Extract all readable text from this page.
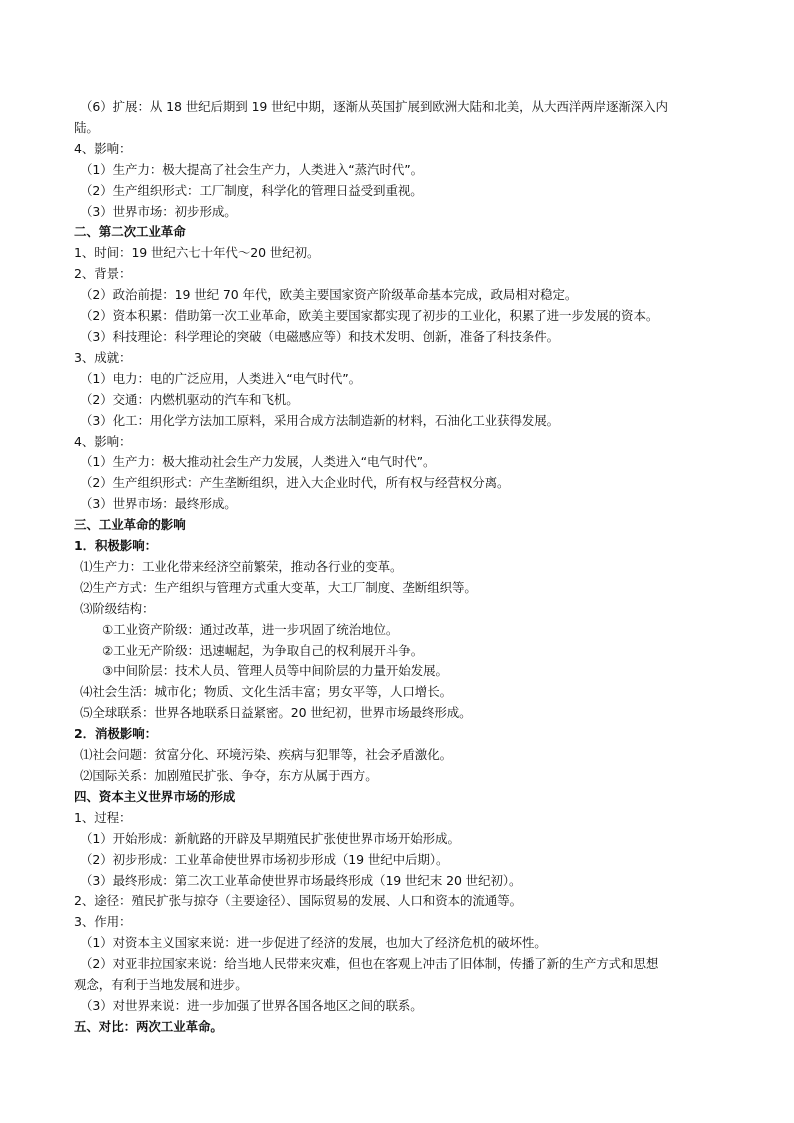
（6）扩展：从 18 世纪后期到 19 世纪中期，逐渐从英国扩展到欧洲大陆和北美，从大西洋两岸逐渐深入内

陆。

4、影响：

（1）生产力：极大提高了社会生产力，人类进入“蒸汽时代”。

（2）生产组织形式：工厂制度，科学化的管理日益受到重视。

（3）世界市场：初步形成。

二、第二次工业革命

1、时间：19 世纪六七十年代～20 世纪初。

2、背景：

（2）政治前提：19 世纪 70 年代，欧美主要国家资产阶级革命基本完成，政局相对稳定。

（2）资本积累：借助第一次工业革命，欧美主要国家都实现了初步的工业化，积累了进一步发展的资本。

（3）科技理论：科学理论的突破（电磁感应等）和技术发明、创新，准备了科技条件。

3、成就：

（1）电力：电的广泛应用，人类进入“电气时代”。

（2）交通：内燃机驱动的汽车和飞机。

（3）化工：用化学方法加工原料，采用合成方法制造新的材料，石油化工业获得发展。

4、影响：

（1）生产力：极大推动社会生产力发展，人类进入“电气时代”。

（2）生产组织形式：产生垄断组织，进入大企业时代，所有权与经营权分离。

（3）世界市场：最终形成。

三、工业革命的影响

1．积极影响：

⑴生产力：工业化带来经济空前繁荣，推动各行业的变革。

⑵生产方式：生产组织与管理方式重大变革，大工厂制度、垄断组织等。

⑶阶级结构：

①工业资产阶级：通过改革，进一步巩固了统治地位。

②工业无产阶级：迅速崛起，为争取自己的权利展开斗争。

③中间阶层：技术人员、管理人员等中间阶层的力量开始发展。

⑷社会生活：城市化；物质、文化生活丰富；男女平等，人口增长。

⑸全球联系：世界各地联系日益紧密。20 世纪初，世界市场最终形成。

2．消极影响：

⑴社会问题：贫富分化、环境污染、疾病与犯罪等，社会矛盾激化。

⑵国际关系：加剧殖民扩张、争夺，东方从属于西方。

四、资本主义世界市场的形成

1、过程：

（1）开始形成：新航路的开辟及早期殖民扩张使世界市场开始形成。

（2）初步形成：工业革命使世界市场初步形成（19 世纪中后期）。

（3）最终形成：第二次工业革命使世界市场最终形成（19 世纪末 20 世纪初）。

2、途径：殖民扩张与掠夺（主要途径）、国际贸易的发展、人口和资本的流通等。

3、作用：

（1）对资本主义国家来说：进一步促进了经济的发展，也加大了经济危机的破坏性。

（2）对亚非拉国家来说：给当地人民带来灾难，但也在客观上冲击了旧体制，传播了新的生产方式和思想

观念，有利于当地发展和进步。

（3）对世界来说：进一步加强了世界各国各地区之间的联系。

五、对比：两次工业革命。
